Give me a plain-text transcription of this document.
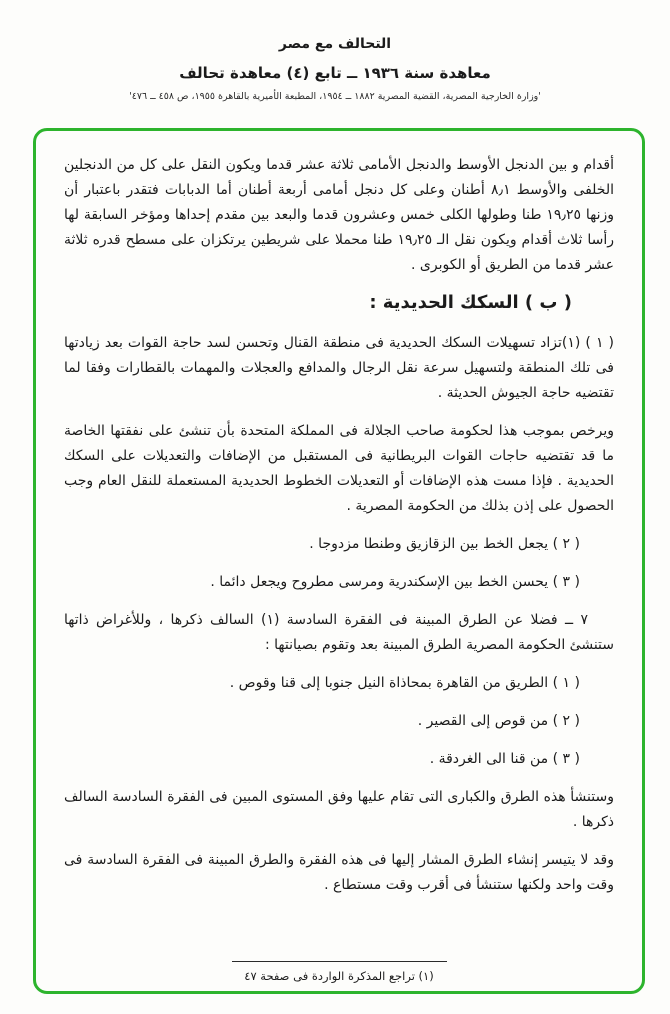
التحالف مع مصر
معاهدة سنة ١٩٣٦ ــ تابع (٤) معاهدة تحالف
'وزارة الخارجية المصرية، القضية المصرية ١٨٨٢ ــ ١٩٥٤، المطبعة الأميرية بالقاهرة ١٩٥٥، ص ٤٥٨ ــ ٤٧٦'

أقدام و بين الدنجل الأوسط والدنجل الأمامى ثلاثة عشر قدما ويكون النقل على كل من الدنجلين الخلفى والأوسط ٨٫١ أطنان وعلى كل دنجل أمامى أربعة أطنان أما الدبابات فتقدر باعتبار أن وزنها ١٩٫٢٥ طنا وطولها الكلى خمس وعشرون قدما والبعد بين مقدم إحداها ومؤخر السابقة لها رأسا ثلاث أقدام ويكون نقل الـ ١٩٫٢٥ طنا محملا على شريطين يرتكزان على مسطح قدره ثلاثة عشر قدما من الطريق أو الكوبرى .

( ب ) السكك الحديدية :

( ١ ) (١)تزاد تسهيلات السكك الحديدية فى منطقة القنال وتحسن لسد حاجة القوات بعد زيادتها فى تلك المنطقة ولتسهيل سرعة نقل الرجال والمدافع والعجلات والمهمات بالقطارات وفقا لما تقتضيه حاجة الجيوش الحديثة .

ويرخص بموجب هذا لحكومة صاحب الجلالة فى المملكة المتحدة بأن تنشئ على نفقتها الخاصة ما قد تقتضيه حاجات القوات البريطانية فى المستقبل من الإضافات والتعديلات على السكك الحديدية . فإذا مست هذه الإضافات أو التعديلات الخطوط الحديدية المستعملة للنقل العام وجب الحصول على إذن بذلك من الحكومة المصرية .

( ٢ ) يجعل الخط بين الزقازيق وطنطا مزدوجا .

( ٣ ) يحسن الخط بين الإسكندرية ومرسى مطروح ويجعل دائما .

٧ ــ فضلا عن الطرق المبينة فى الفقرة السادسة (١) السالف ذكرها ، وللأغراض ذاتها ستنشئ الحكومة المصرية الطرق المبينة بعد وتقوم بصيانتها :

( ١ ) الطريق من القاهرة بمحاذاة النيل جنوبا إلى قنا وقوص .

( ٢ ) من قوص إلى القصير .

( ٣ ) من قنا الى الغردقة .

وستنشأ هذه الطرق والكبارى التى تقام عليها وفق المستوى المبين فى الفقرة السادسة السالف ذكرها .

وقد لا يتيسر إنشاء الطرق المشار إليها فى هذه الفقرة والطرق المبينة فى الفقرة السادسة فى وقت واحد ولكنها ستنشأ فى أقرب وقت مستطاع .

(١) تراجع المذكرة الواردة فى صفحة ٤٧
